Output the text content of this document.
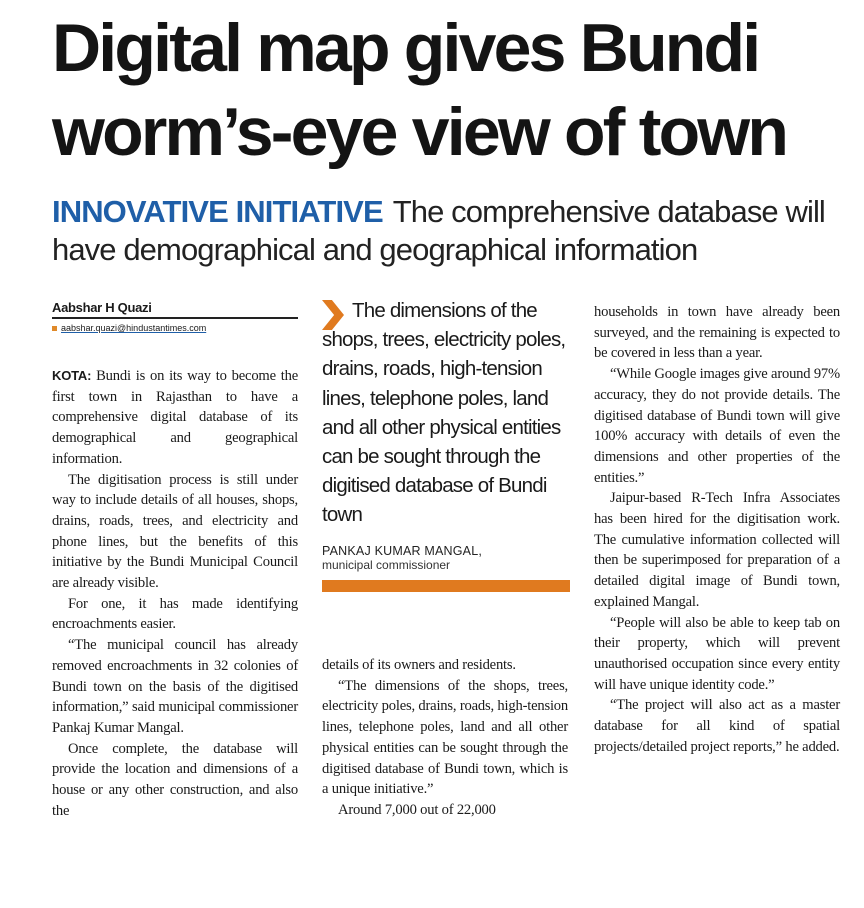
Digital map gives Bundi
worm’s-eye view of town

INNOVATIVE INITIATIVE The comprehensive database will have demographical and geographical information

Aabshar H Quazi
aabshar.quazi@hindustantimes.com

KOTA: Bundi is on its way to become the first town in Rajasthan to have a comprehensive digital database of its demographical and geographical information.

The digitisation process is still under way to include details of all houses, shops, drains, roads, trees, and electricity and phone lines, but the benefits of this initiative by the Bundi Municipal Council are already visible.

For one, it has made identifying encroachments easier.

“The municipal council has already removed encroachments in 32 colonies of Bundi town on the basis of the digitised information,” said municipal commissioner Pankaj Kumar Mangal.

Once complete, the database will provide the location and dimensions of a house or any other construction, and also the

The dimensions of the shops, trees, electricity poles, drains, roads, high-tension lines, telephone poles, land and all other physical entities can be sought through the digitised database of Bundi town

PANKAJ KUMAR MANGAL,
municipal commissioner

details of its owners and residents.

“The dimensions of the shops, trees, electricity poles, drains, roads, high-tension lines, telephone poles, land and all other physical entities can be sought through the digitised database of Bundi town, which is a unique initiative.”

Around 7,000 out of 22,000

households in town have already been surveyed, and the remaining is expected to be covered in less than a year.

“While Google images give around 97% accuracy, they do not provide details. The digitised database of Bundi town will give 100% accuracy with details of even the dimensions and other properties of the entities.”

Jaipur-based R-Tech Infra Associates has been hired for the digitisation work. The cumulative information collected will then be superimposed for preparation of a detailed digital image of Bundi town, explained Mangal.

“People will also be able to keep tab on their property, which will prevent unauthorised occupation since every entity will have unique identity code.”

“The project will also act as a master database for all kind of spatial projects/detailed project reports,” he added.
